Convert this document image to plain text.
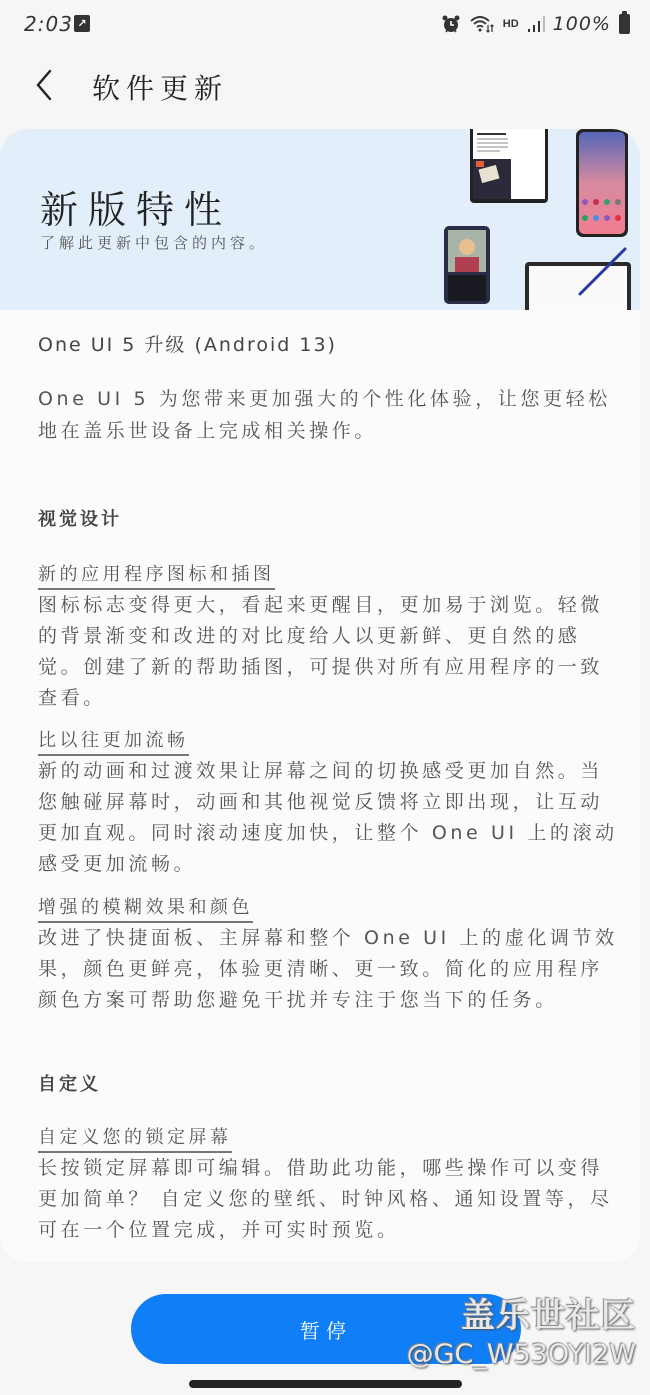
2:03 ↗	HD 100%
软件更新
新版特性
了解此更新中包含的内容。
One UI 5 升级 (Android 13)
One UI 5 为您带来更加强大的个性化体验，让您更轻松地在盖乐世设备上完成相关操作。
视觉设计
新的应用程序图标和插图
图标标志变得更大，看起来更醒目，更加易于浏览。轻微的背景渐变和改进的对比度给人以更新鲜、更自然的感觉。创建了新的帮助插图，可提供对所有应用程序的一致查看。
比以往更加流畅
新的动画和过渡效果让屏幕之间的切换感受更加自然。当您触碰屏幕时，动画和其他视觉反馈将立即出现，让互动更加直观。同时滚动速度加快，让整个 One UI 上的滚动感受更加流畅。
增强的模糊效果和颜色
改进了快捷面板、主屏幕和整个 One UI 上的虚化调节效果，颜色更鲜亮，体验更清晰、更一致。简化的应用程序颜色方案可帮助您避免干扰并专注于您当下的任务。
自定义
自定义您的锁定屏幕
长按锁定屏幕即可编辑。借助此功能，哪些操作可以变得更加简单？ 自定义您的壁纸、时钟风格、通知设置等，尽可在一个位置完成，并可实时预览。
暂停	盖乐世社区
@GC_W53OYI2W
